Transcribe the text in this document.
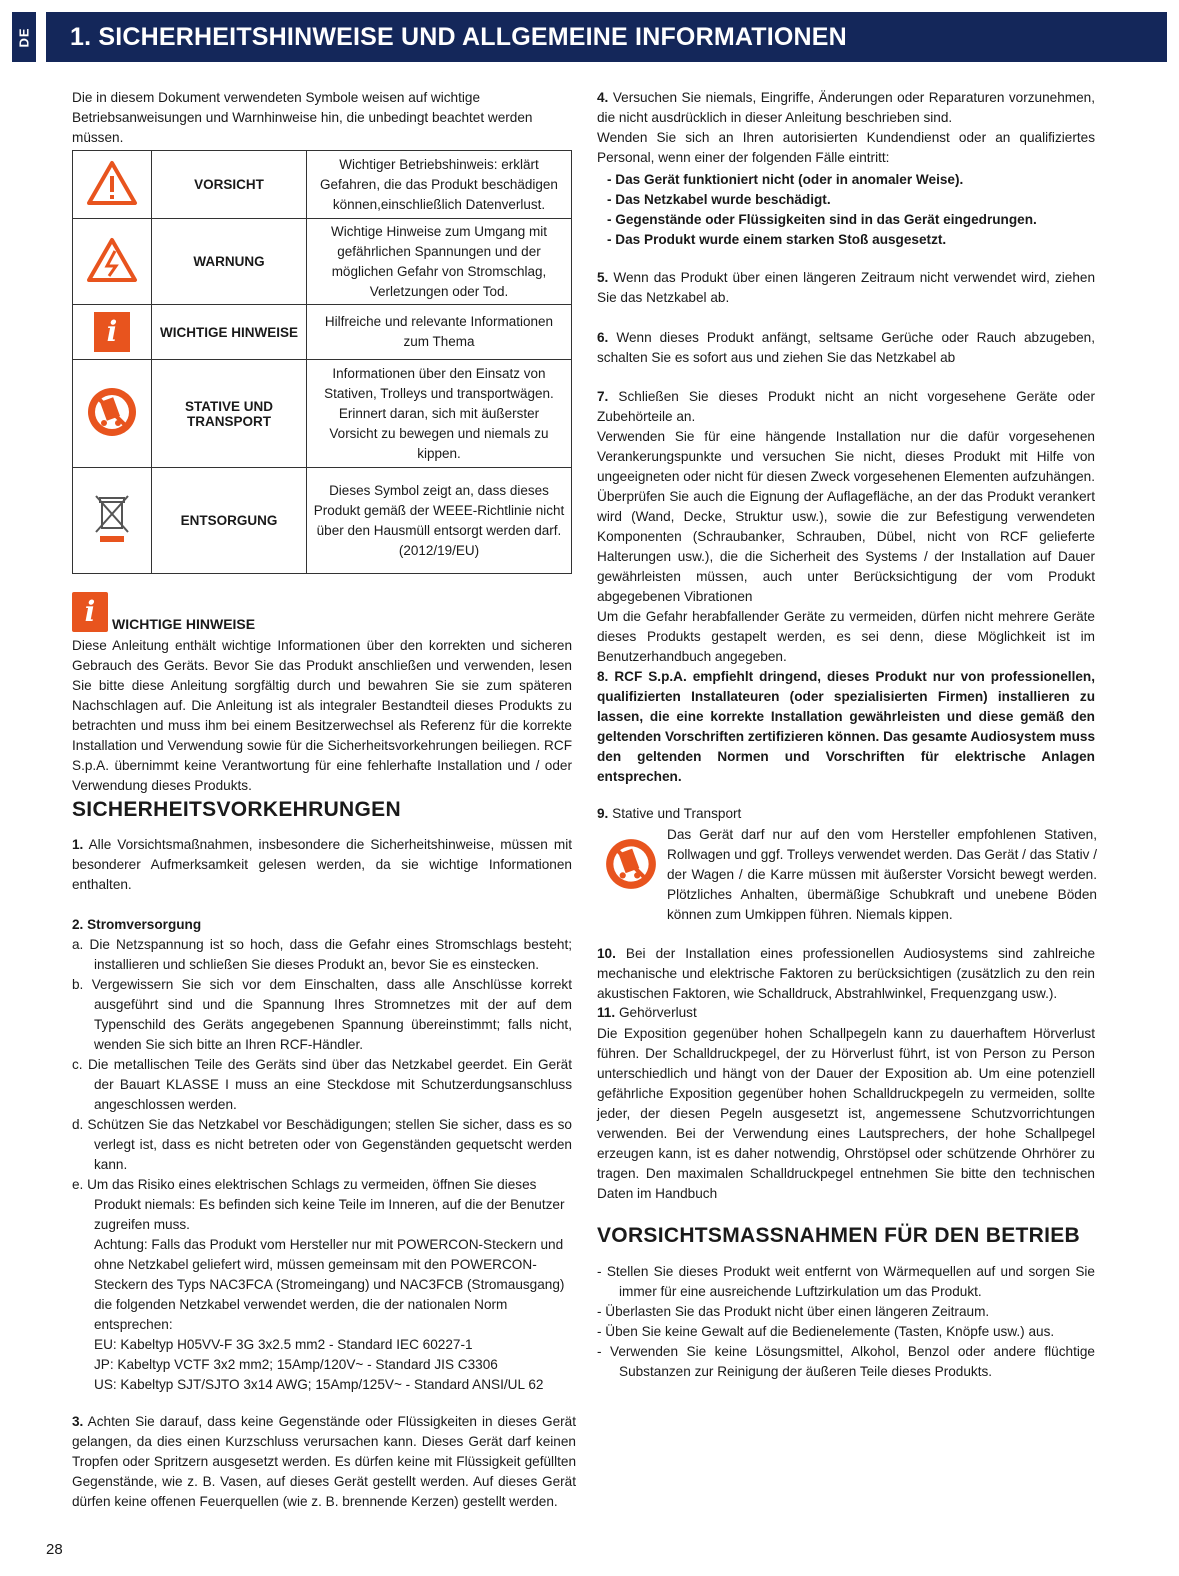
DE	1. SICHERHEITSHINWEISE UND ALLGEMEINE INFORMATIONEN
Die in diesem Dokument verwendeten Symbole weisen auf wichtige Betriebsanweisungen und Warnhinweise hin, die unbedingt beachtet werden müssen.
	VORSICHT	Wichtiger Betriebshinweis: erklärt Gefahren, die das Produkt beschädigen können,einschließlich Datenverlust.
	WARNUNG	Wichtige Hinweise zum Umgang mit gefährlichen Spannungen und der möglichen Gefahr von Stromschlag, Verletzungen oder Tod.

i	WICHTIGE HINWEISE	Hilfreiche und relevante Informationen zum Thema
	STATIVE UND TRANSPORT	Informationen über den Einsatz von Stativen, Trolleys und transportwägen. Erinnert daran, sich mit äußerster Vorsicht zu bewegen und niemals zu kippen.
	ENTSORGUNG	Dieses Symbol zeigt an, dass dieses Produkt gemäß der WEEE-Richtlinie nicht über den Hausmüll entsorgt werden darf.
(2012/19/EU)
i	WICHTIGE HINWEISE
Diese Anleitung enthält wichtige Informationen über den korrekten und sicheren Gebrauch des Geräts. Bevor Sie das Produkt anschließen und verwenden, lesen Sie bitte diese Anleitung sorgfältig durch und bewahren Sie sie zum späteren Nachschlagen auf. Die Anleitung ist als integraler Bestandteil dieses Produkts zu betrachten und muss ihm bei einem Besitzerwechsel als Referenz für die korrekte Installation und Verwendung sowie für die Sicherheitsvorkehrungen beiliegen. RCF S.p.A. übernimmt keine Verantwortung für eine fehlerhafte Installation und / oder Verwendung dieses Produkts.
SICHERHEITSVORKEHRUNGEN
1. Alle Vorsichtsmaßnahmen, insbesondere die Sicherheitshinweise, müssen mit besonderer Aufmerksamkeit gelesen werden, da sie wichtige Informationen enthalten.
2. Stromversorgung

a. Die Netzspannung ist so hoch, dass die Gefahr eines Stromschlags besteht; installieren und schließen Sie dieses Produkt an, bevor Sie es einstecken.

b. Vergewissern Sie sich vor dem Einschalten, dass alle Anschlüsse korrekt ausgeführt sind und die Spannung Ihres Stromnetzes mit der auf dem Typenschild des Geräts angegebenen Spannung übereinstimmt; falls nicht, wenden Sie sich bitte an Ihren RCF-Händler.

c. Die metallischen Teile des Geräts sind über das Netzkabel geerdet. Ein Gerät der Bauart KLASSE I muss an eine Steckdose mit Schutzerdungsanschluss angeschlossen werden.

d. Schützen Sie das Netzkabel vor Beschädigungen; stellen Sie sicher, dass es so verlegt ist, dass es nicht betreten oder von Gegenständen gequetscht werden kann.

e. Um das Risiko eines elektrischen Schlags zu vermeiden, öffnen Sie dieses Produkt niemals: Es befinden sich keine Teile im Inneren, auf die der Benutzer zugreifen muss.

Achtung: Falls das Produkt vom Hersteller nur mit POWERCON-Steckern und ohne Netzkabel geliefert wird, müssen gemeinsam mit den POWERCON-Steckern des Typs NAC3FCA (Stromeingang) und NAC3FCB (Stromausgang) die folgenden Netzkabel verwendet werden, die der nationalen Norm entsprechen:

EU: Kabeltyp H05VV-F 3G 3x2.5 mm2 - Standard IEC 60227-1

JP: Kabeltyp VCTF 3x2 mm2; 15Amp/120V~ - Standard JIS C3306

US: Kabeltyp SJT/SJTO 3x14 AWG; 15Amp/125V~ - Standard ANSI/UL 62

3. Achten Sie darauf, dass keine Gegenstände oder Flüssigkeiten in dieses Gerät gelangen, da dies einen Kurzschluss verursachen kann. Dieses Gerät darf keinen Tropfen oder Spritzern ausgesetzt werden. Es dürfen keine mit Flüssigkeit gefüllten Gegenstände, wie z. B. Vasen, auf dieses Gerät gestellt werden. Auf dieses Gerät dürfen keine offenen Feuerquellen (wie z. B. brennende Kerzen) gestellt werden.

4. Versuchen Sie niemals, Eingriffe, Änderungen oder Reparaturen vorzunehmen, die nicht ausdrücklich in dieser Anleitung beschrieben sind.

Wenden Sie sich an Ihren autorisierten Kundendienst oder an qualifiziertes Personal, wenn einer der folgenden Fälle eintritt:

- Das Gerät funktioniert nicht (oder in anomaler Weise).

- Das Netzkabel wurde beschädigt.

- Gegenstände oder Flüssigkeiten sind in das Gerät eingedrungen.

- Das Produkt wurde einem starken Stoß ausgesetzt.

5. Wenn das Produkt über einen längeren Zeitraum nicht verwendet wird, ziehen Sie das Netzkabel ab.
6. Wenn dieses Produkt anfängt, seltsame Gerüche oder Rauch abzugeben, schalten Sie es sofort aus und ziehen Sie das Netzkabel ab

7. Schließen Sie dieses Produkt nicht an nicht vorgesehene Geräte oder Zubehörteile an.

Verwenden Sie für eine hängende Installation nur die dafür vorgesehenen Verankerungspunkte und versuchen Sie nicht, dieses Produkt mit Hilfe von ungeeigneten oder nicht für diesen Zweck vorgesehenen Elementen aufzuhängen. Überprüfen Sie auch die Eignung der Auflagefläche, an der das Produkt verankert wird (Wand, Decke, Struktur usw.), sowie die zur Befestigung verwendeten Komponenten (Schraubanker, Schrauben, Dübel, nicht von RCF gelieferte Halterungen usw.), die die Sicherheit des Systems / der Installation auf Dauer gewährleisten müssen, auch unter Berücksichtigung der vom Produkt abgegebenen Vibrationen

Um die Gefahr herabfallender Geräte zu vermeiden, dürfen nicht mehrere Geräte dieses Produkts gestapelt werden, es sei denn, diese Möglichkeit ist im Benutzerhandbuch angegeben.

8. RCF S.p.A. empfiehlt dringend, dieses Produkt nur von professionellen, qualifizierten Installateuren (oder spezialisierten Firmen) installieren zu lassen, die eine korrekte Installation gewährleisten und diese gemäß den geltenden Vorschriften zertifizieren können. Das gesamte Audiosystem muss den geltenden Normen und Vorschriften für elektrische Anlagen entsprechen.

9. Stative und Transport
Das Gerät darf nur auf den vom Hersteller empfohlenen Stativen, Rollwagen und ggf. Trolleys verwendet werden. Das Gerät / das Stativ / der Wagen / die Karre müssen mit äußerster Vorsicht bewegt werden. Plötzliches Anhalten, übermäßige Schubkraft und unebene Böden können zum Umkippen führen. Niemals kippen.
10. Bei der Installation eines professionellen Audiosystems sind zahlreiche mechanische und elektrische Faktoren zu berücksichtigen (zusätzlich zu den rein akustischen Faktoren, wie Schalldruck, Abstrahlwinkel, Frequenzgang usw.).
11. Gehörverlust
Die Exposition gegenüber hohen Schallpegeln kann zu dauerhaftem Hörverlust führen. Der Schalldruckpegel, der zu Hörverlust führt, ist von Person zu Person unterschiedlich und hängt von der Dauer der Exposition ab. Um eine potenziell gefährliche Exposition gegenüber hohen Schalldruckpegeln zu vermeiden, sollte jeder, der diesen Pegeln ausgesetzt ist, angemessene Schutzvorrichtungen verwenden. Bei der Verwendung eines Lautsprechers, der hohe Schallpegel erzeugen kann, ist es daher notwendig, Ohrstöpsel oder schützende Ohrhörer zu tragen. Den maximalen Schalldruckpegel entnehmen Sie bitte den technischen Daten im Handbuch
VORSICHTSMASSNAHMEN FÜR DEN BETRIEB

- Stellen Sie dieses Produkt weit entfernt von Wärmequellen auf und sorgen Sie immer für eine ausreichende Luftzirkulation um das Produkt.

- Überlasten Sie das Produkt nicht über einen längeren Zeitraum.

- Üben Sie keine Gewalt auf die Bedienelemente (Tasten, Knöpfe usw.) aus.

- Verwenden Sie keine Lösungsmittel, Alkohol, Benzol oder andere flüchtige Substanzen zur Reinigung der äußeren Teile dieses Produkts.

28
